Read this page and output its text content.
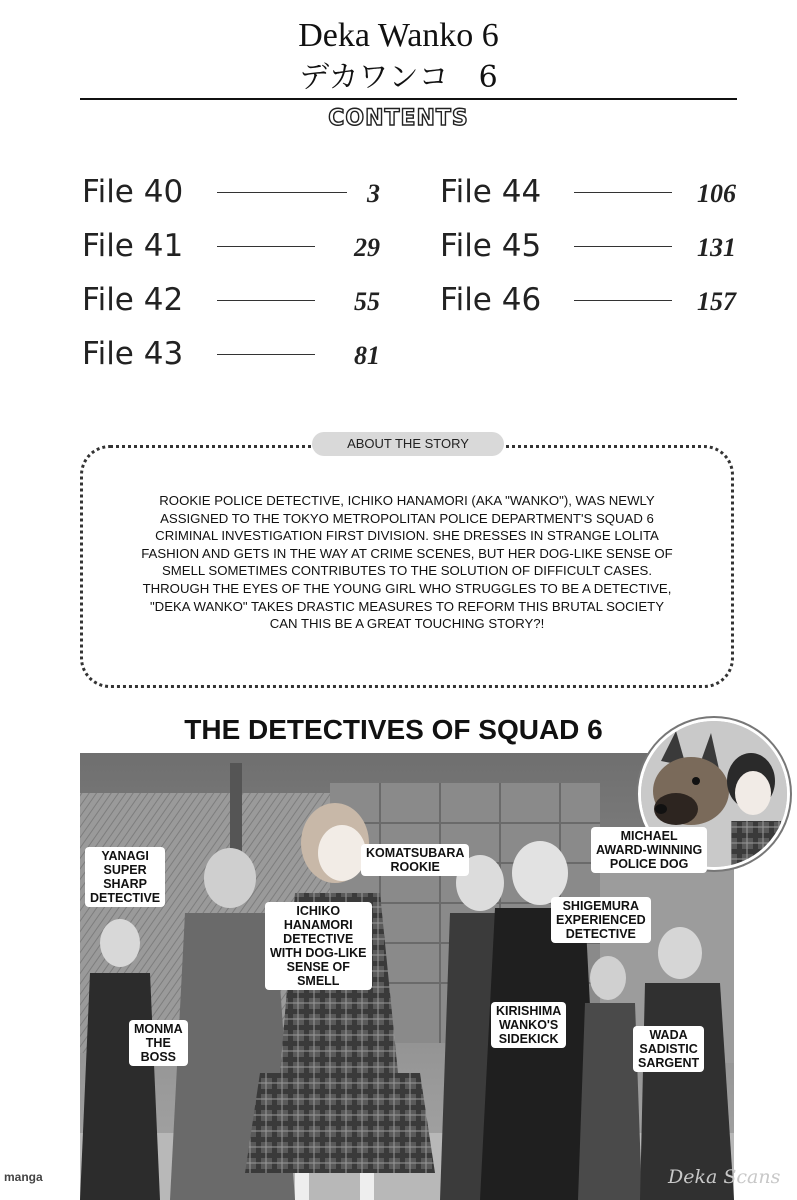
Deka Wanko 6
デカワンコ　6
CONTENTS
File 40	3
File 41	29
File 42	55
File 43	81
File 44	106
File 45	131
File 46	157
ABOUT THE STORY
ROOKIE POLICE DETECTIVE, ICHIKO HANAMORI (AKA "WANKO"), WAS NEWLY
ASSIGNED TO THE TOKYO METROPOLITAN POLICE DEPARTMENT'S SQUAD 6
CRIMINAL INVESTIGATION FIRST DIVISION. SHE DRESSES IN STRANGE LOLITA
FASHION AND GETS IN THE WAY AT CRIME SCENES, BUT HER DOG-LIKE SENSE OF
SMELL SOMETIMES CONTRIBUTES TO THE SOLUTION OF DIFFICULT CASES.
THROUGH THE EYES OF THE YOUNG GIRL WHO STRUGGLES TO BE A DETECTIVE,
"DEKA WANKO" TAKES DRASTIC MEASURES TO REFORM THIS BRUTAL SOCIETY
CAN THIS BE A GREAT TOUCHING STORY?!
THE DETECTIVES OF SQUAD 6
YANAGI
SUPER
SHARP
DETECTIVE
KOMATSUBARA
ROOKIE
SHIGEMURA
EXPERIENCED
DETECTIVE
ICHIKO
HANAMORI
DETECTIVE
WITH DOG-LIKE
SENSE OF
SMELL
MONMA
THE
BOSS
KIRISHIMA
WANKO'S
SIDEKICK	WADA
SADISTIC
SARGENT
MICHAEL
AWARD-WINNING
POLICE DOG
manga	Deka Scans
